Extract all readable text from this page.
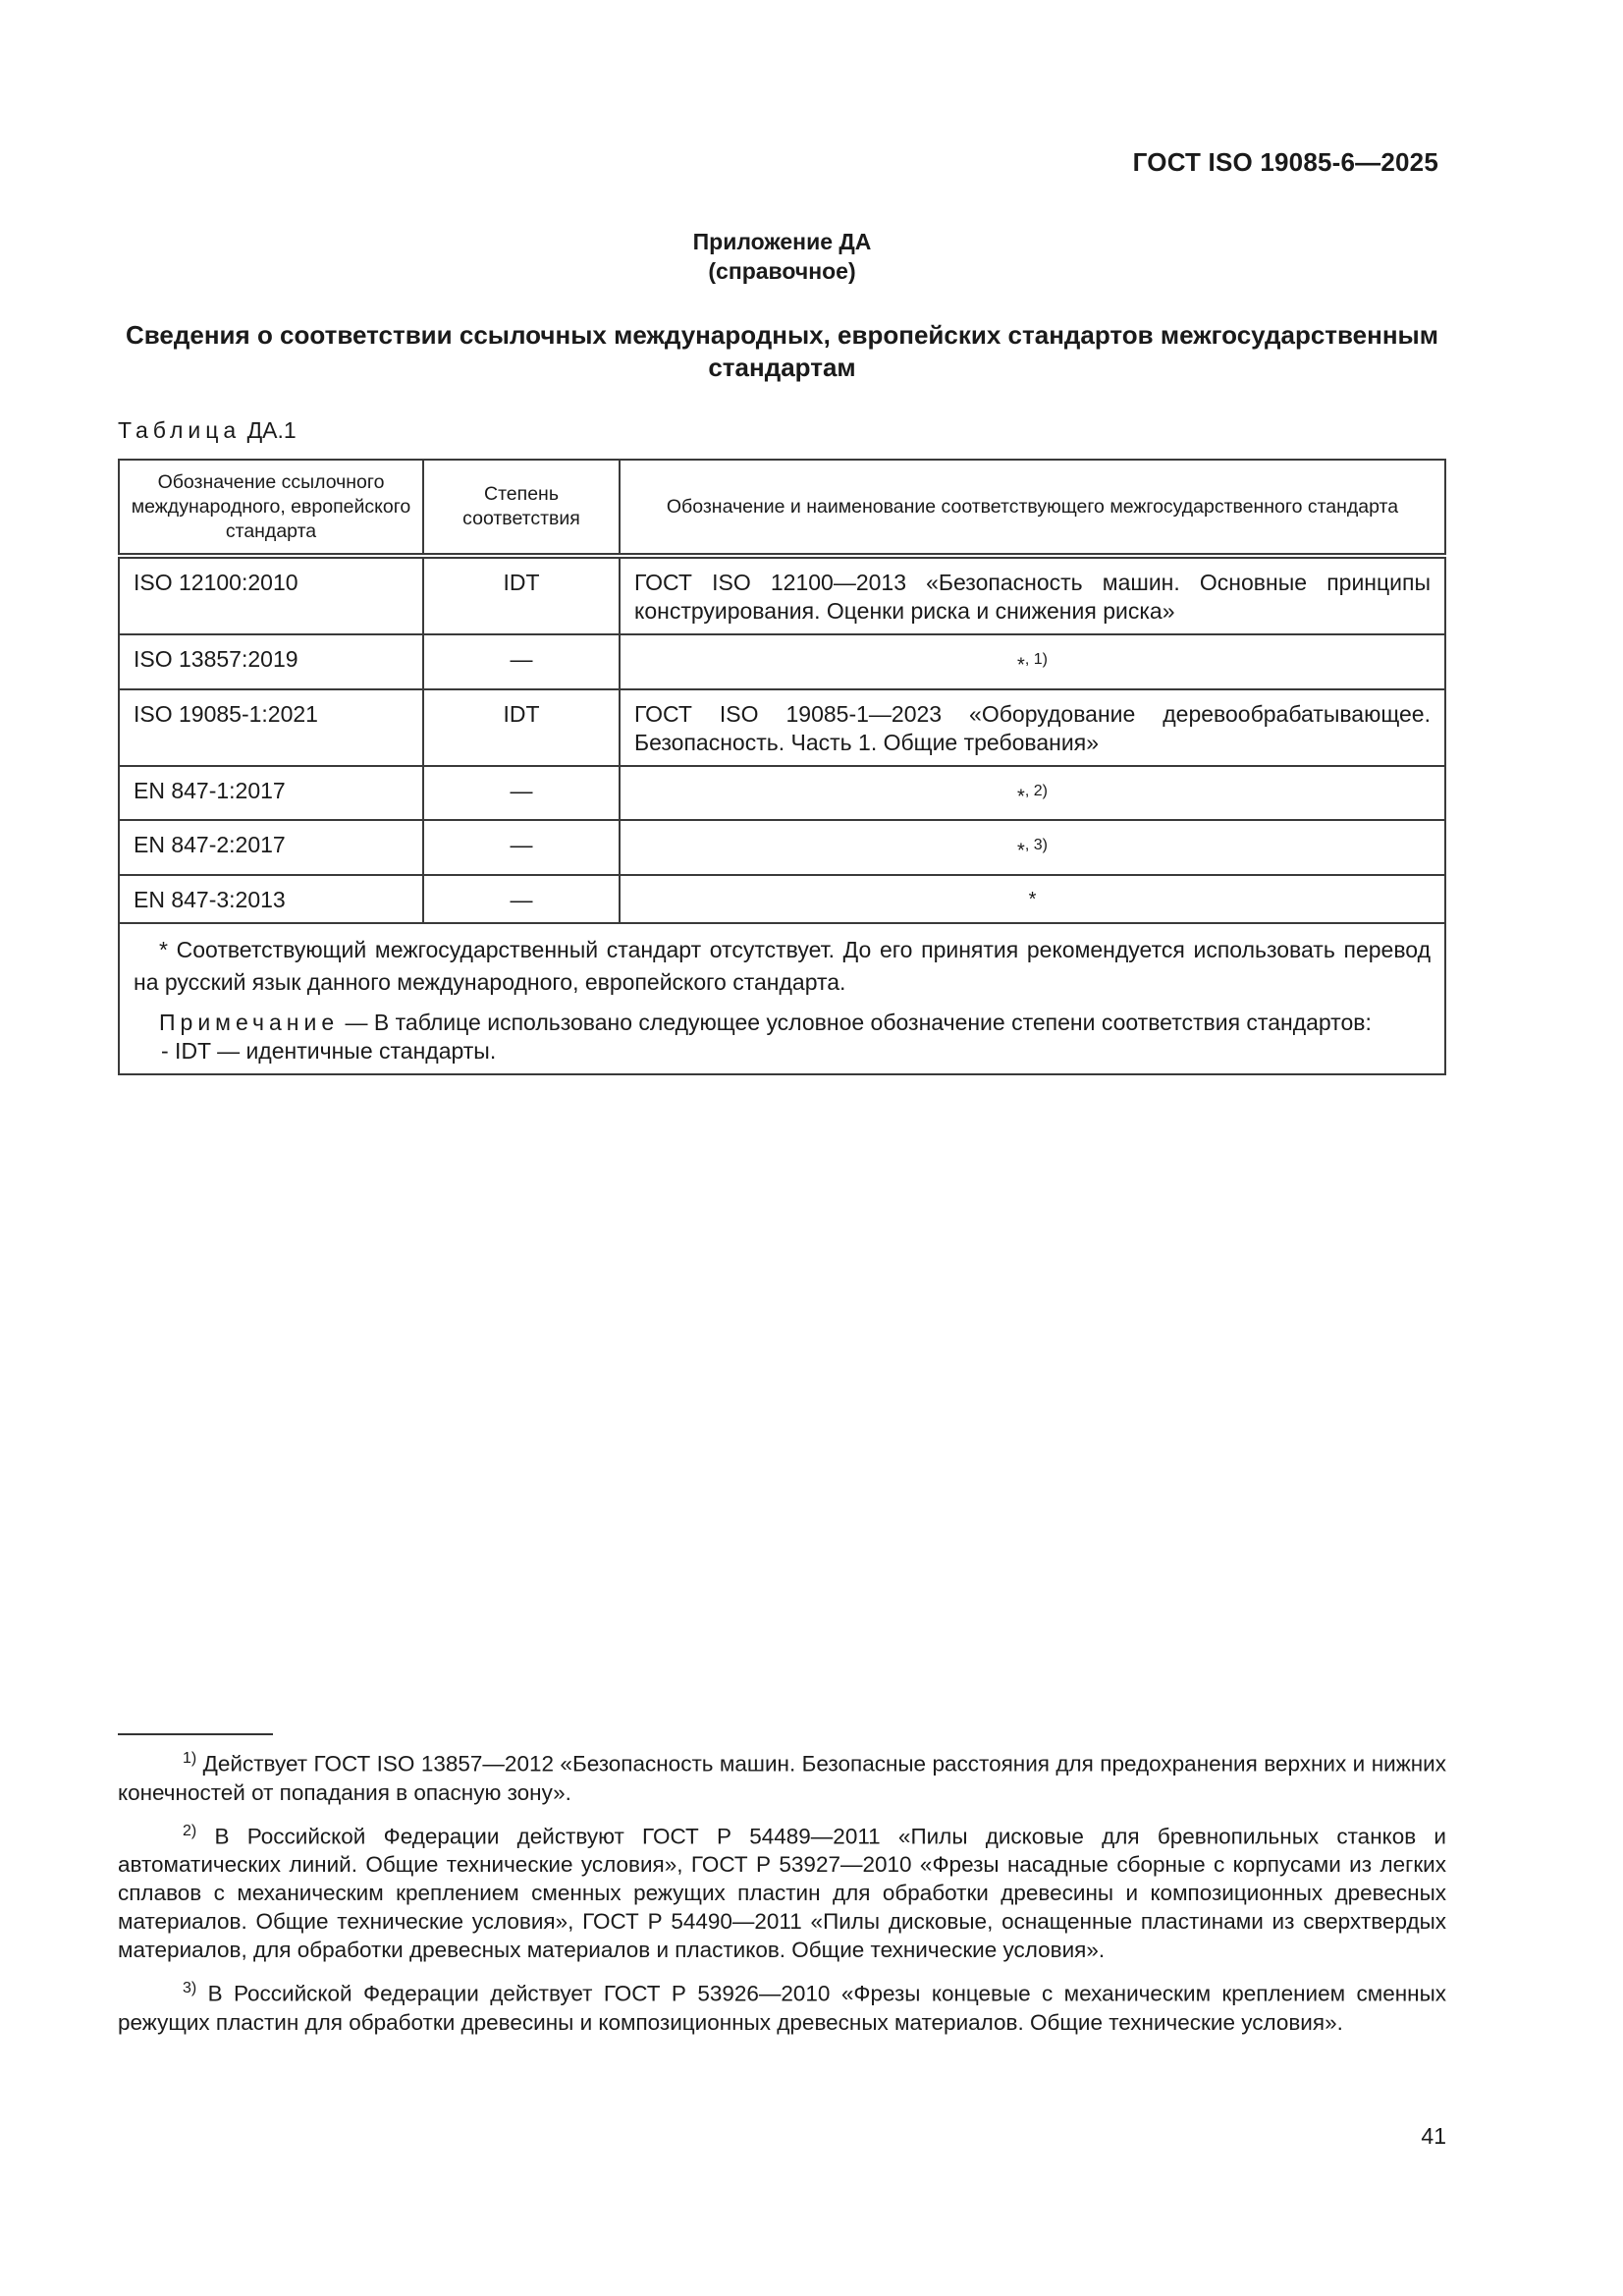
ГОСТ ISO 19085-6—2025
Приложение ДА
(справочное)
Сведения о соответствии ссылочных международных, европейских стандартов межгосударственным стандартам
Таблица ДА.1
Обозначение ссылочного международного, европейского стандарта	Степень соответствия	Обозначение и наименование соответствующего межгосударственного стандарта
ISO 12100:2010	IDT	ГОСТ ISO 12100—2013 «Безопасность машин. Основные принципы конструирования. Оценки риска и снижения риска»
ISO 13857:2019	—	*$^{, 1)}$
ISO 19085-1:2021	IDT	ГОСТ ISO 19085-1—2023 «Оборудование деревообрабатывающее. Безопасность. Часть 1. Общие требования»
EN 847-1:2017	—	*$^{, 2)}$
EN 847-2:2017	—	*$^{, 3)}$
EN 847-3:2013	—	*

* Соответствующий межгосударственный стандарт отсутствует. До его принятия рекомендуется использовать перевод на русский язык данного международного, европейского стандарта.

Примечание — В таблице использовано следующее условное обозначение степени соответствия стандартов:

- IDT — идентичные стандарты.		

$^{1)}$ Действует ГОСТ ISO 13857—2012 «Безопасность машин. Безопасные расстояния для предохранения верхних и нижних конечностей от попадания в опасную зону».

$^{2)}$ В Российской Федерации действуют ГОСТ Р 54489—2011 «Пилы дисковые для бревнопильных станков и автоматических линий. Общие технические условия», ГОСТ Р 53927—2010 «Фрезы насадные сборные с корпусами из легких сплавов с механическим креплением сменных режущих пластин для обработки древесины и композиционных древесных материалов. Общие технические условия», ГОСТ Р 54490—2011 «Пилы дисковые, оснащенные пластинами из сверхтвердых материалов, для обработки древесных материалов и пластиков. Общие технические условия».

$^{3)}$ В Российской Федерации действует ГОСТ Р 53926—2010 «Фрезы концевые с механическим креплением сменных режущих пластин для обработки древесины и композиционных древесных материалов. Общие технические условия».

41
